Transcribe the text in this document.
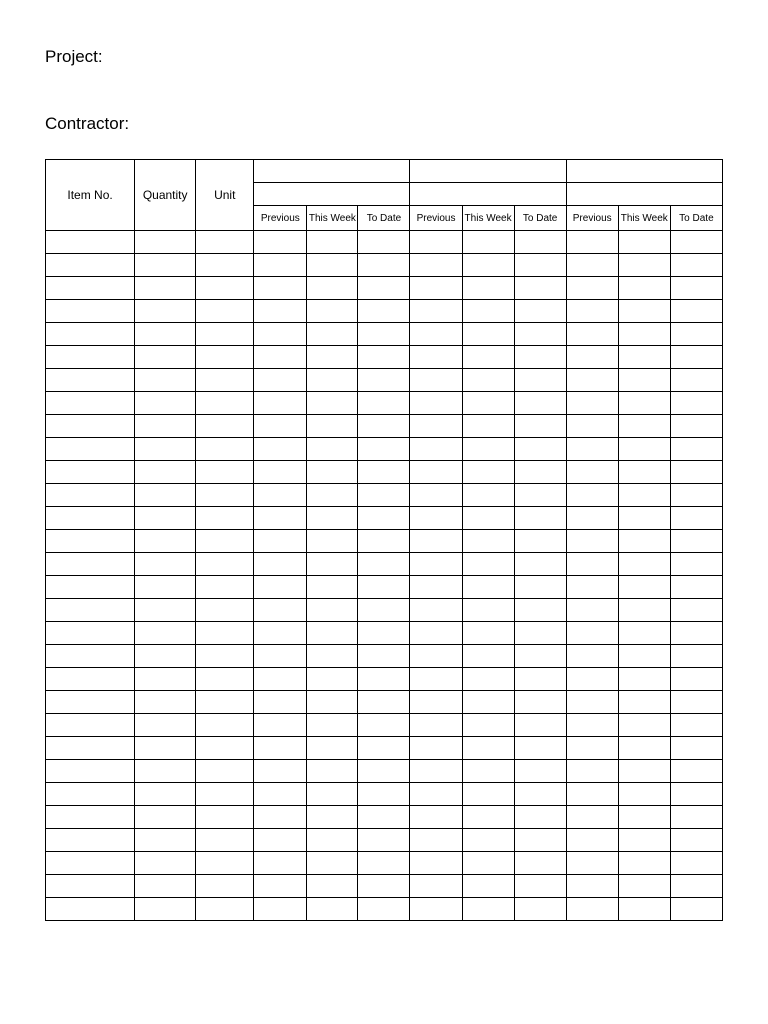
Project:
Contractor:
Item No.	Quantity	Unit									

			Previous	This Week	To Date	Previous	This Week	To Date	Previous	This Week	To Date
